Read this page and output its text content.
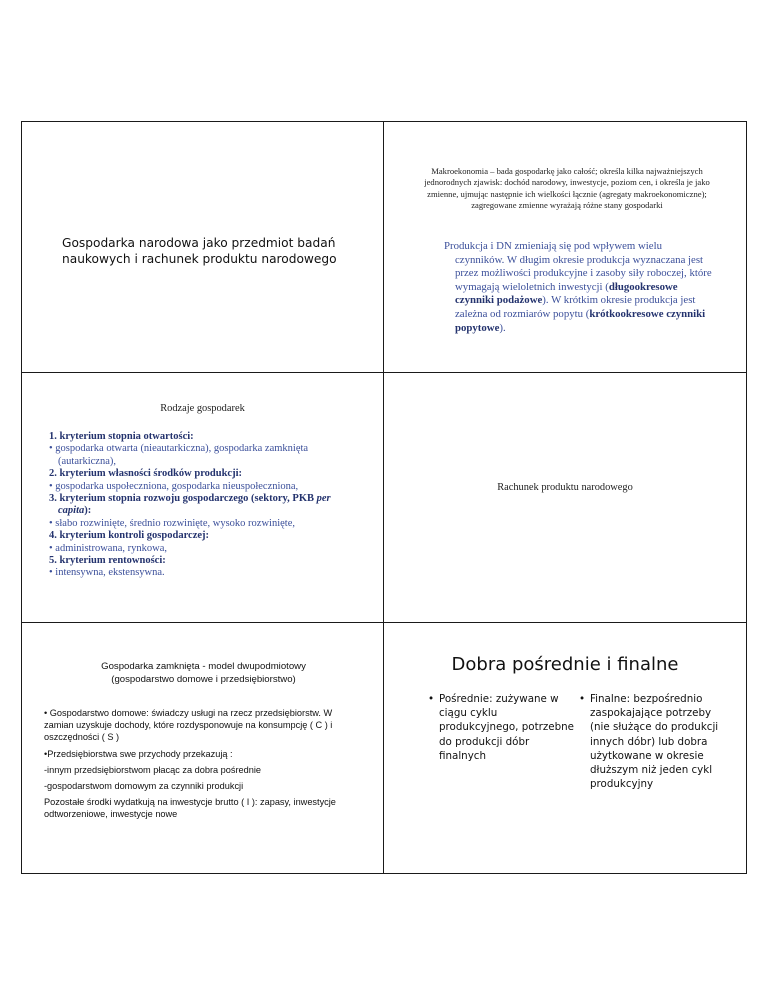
Gospodarka narodowa jako przedmiot badań naukowych i rachunek produktu narodowego
Makroekonomia – bada gospodarkę jako całość; określa kilka najważniejszych jednorodnych zjawisk: dochód narodowy, inwestycje, poziom cen, i określa je jako zmienne, ujmując następnie ich wielkości łącznie (agregaty makroekonomiczne); zagregowane zmienne wyrażają różne stany gospodarki
Produkcja i DN zmieniają się pod wpływem wielu czynników. W długim okresie produkcja wyznaczana jest przez możliwości produkcyjne i zasoby siły roboczej, które wymagają wieloletnich inwestycji (długookresowe czynniki podażowe). W krótkim okresie produkcja jest zależna od rozmiarów popytu (krótkookresowe czynniki popytowe).
Rodzaje gospodarek
1. kryterium stopnia otwartości:
• gospodarka otwarta (nieautarkiczna), gospodarka zamknięta (autarkiczna),
2. kryterium własności środków produkcji:
• gospodarka uspołeczniona, gospodarka nieuspołeczniona,
3. kryterium stopnia rozwoju gospodarczego (sektory, PKB per capita):
• słabo rozwinięte, średnio rozwinięte, wysoko rozwinięte,
4. kryterium kontroli gospodarczej:
• administrowana, rynkowa,
5. kryterium rentowności:
• intensywna, ekstensywna.
Rachunek produktu narodowego
Gospodarka zamknięta - model dwupodmiotowy (gospodarstwo domowe i przedsiębiorstwo)

• Gospodarstwo domowe: świadczy usługi na rzecz przedsiębiorstw. W zamian uzyskuje dochody, które rozdysponowuje na konsumpcję ( C ) i oszczędności ( S )

•Przedsiębiorstwa swe przychody przekazują :

-innym przedsiębiorstwom płacąc za dobra pośrednie

-gospodarstwom domowym za czynniki produkcji

Pozostałe środki wydatkują na inwestycje brutto ( I ): zapasy, inwestycje odtworzeniowe, inwestycje nowe

Dobra pośrednie i finalne
• Pośrednie: zużywane w ciągu cyklu produkcyjnego, potrzebne do produkcji dóbr finalnych
• Finalne: bezpośrednio zaspokajające potrzeby (nie służące do produkcji innych dóbr) lub dobra użytkowane w okresie dłuższym niż jeden cykl produkcyjny
